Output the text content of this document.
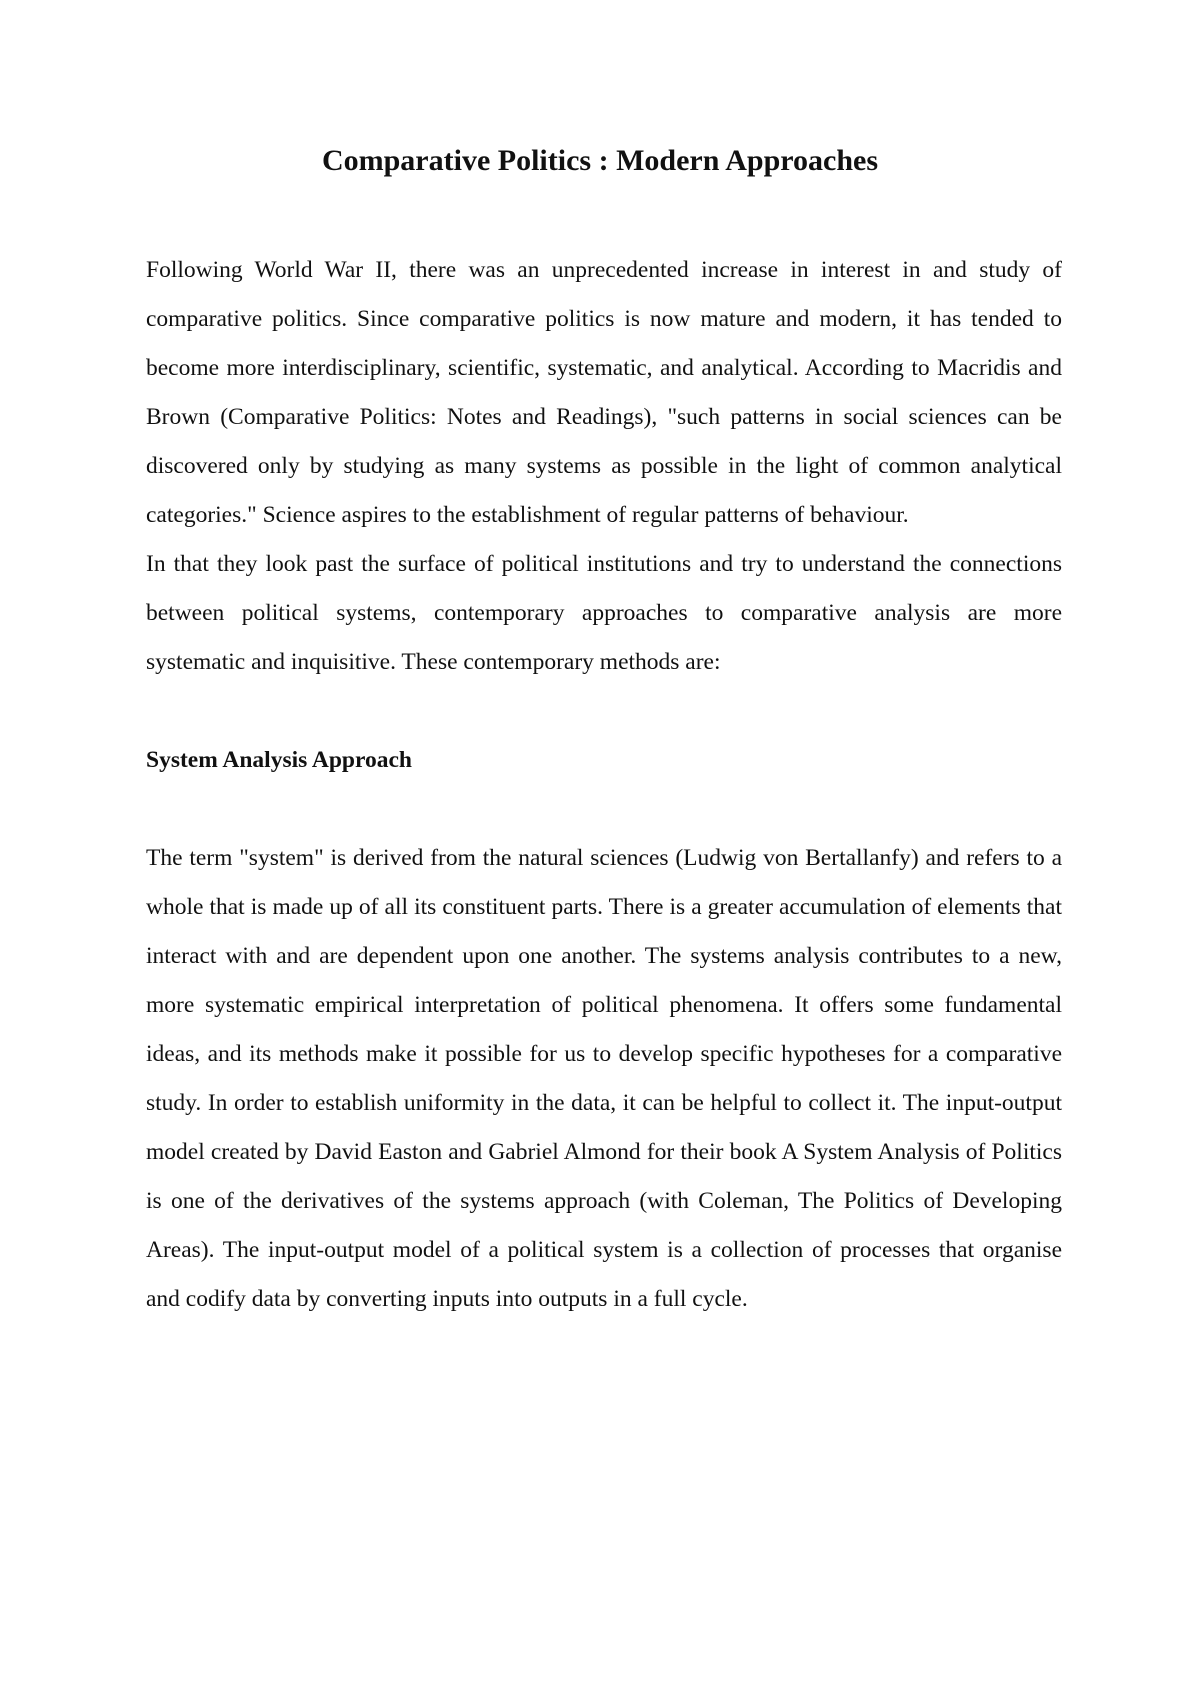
Comparative Politics : Modern Approaches

Following World War II, there was an unprecedented increase in interest in and study of comparative politics. Since comparative politics is now mature and modern, it has tended to become more interdisciplinary, scientific, systematic, and analytical. According to Macridis and Brown (Comparative Politics: Notes and Readings), "such patterns in social sciences can be discovered only by studying as many systems as possible in the light of common analytical categories." Science aspires to the establishment of regular patterns of behaviour.

In that they look past the surface of political institutions and try to understand the connections between political systems, contemporary approaches to comparative analysis are more systematic and inquisitive. These contemporary methods are:

System Analysis Approach

The term "system" is derived from the natural sciences (Ludwig von Bertallanfy) and refers to a whole that is made up of all its constituent parts. There is a greater accumulation of elements that interact with and are dependent upon one another. The systems analysis contributes to a new, more systematic empirical interpretation of political phenomena. It offers some fundamental ideas, and its methods make it possible for us to develop specific hypotheses for a comparative study. In order to establish uniformity in the data, it can be helpful to collect it. The input-output model created by David Easton and Gabriel Almond for their book A System Analysis of Politics is one of the derivatives of the systems approach (with Coleman, The Politics of Developing Areas). The input-output model of a political system is a collection of processes that organise and codify data by converting inputs into outputs in a full cycle.
